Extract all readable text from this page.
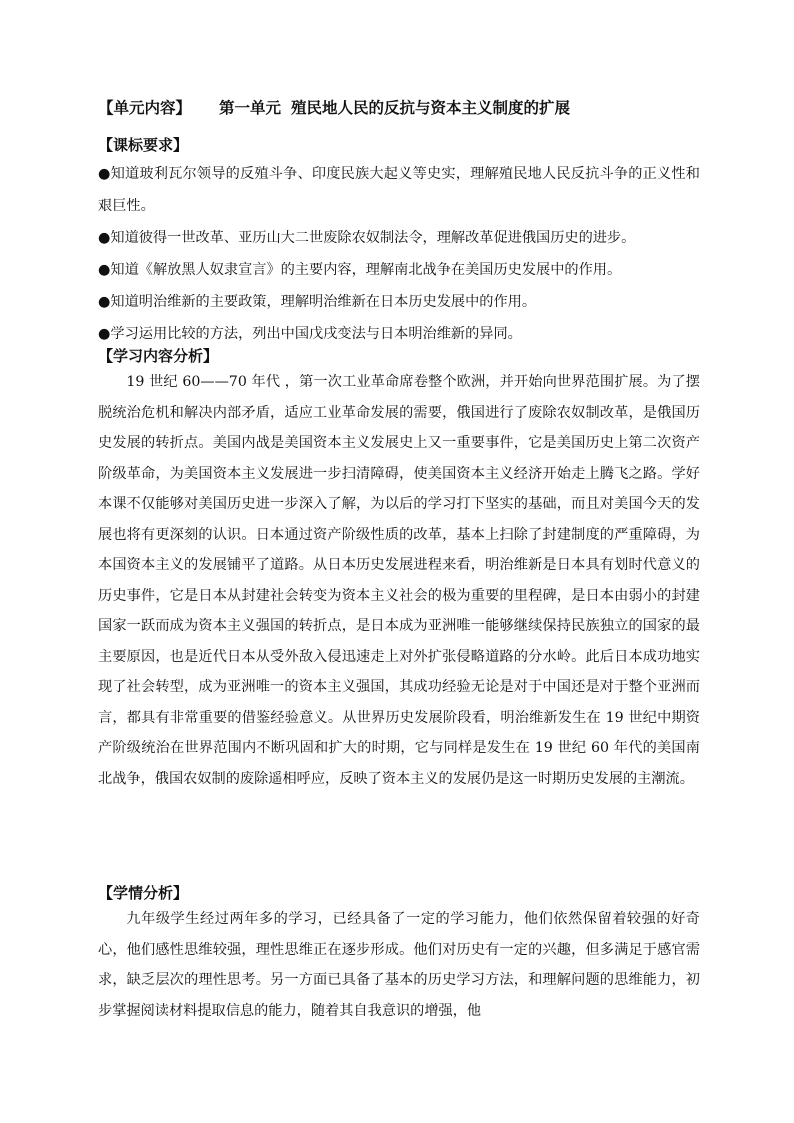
【单元内容】 第一单元 殖民地人民的反抗与资本主义制度的扩展
【课标要求】
●知道玻利瓦尔领导的反殖斗争、印度民族大起义等史实，理解殖民地人民反抗斗争的正义性和艰巨性。
●知道彼得一世改革、亚历山大二世废除农奴制法令，理解改革促进俄国历史的进步。
●知道《解放黑人奴隶宣言》的主要内容，理解南北战争在美国历史发展中的作用。
●知道明治维新的主要政策，理解明治维新在日本历史发展中的作用。
●学习运用比较的方法，列出中国戊戌变法与日本明治维新的异同。
【学习内容分析】
19 世纪 60——70 年代 ，第一次工业革命席卷整个欧洲，并开始向世界范围扩展。为了摆脱统治危机和解决内部矛盾，适应工业革命发展的需要，俄国进行了废除农奴制改革，是俄国历史发展的转折点。美国内战是美国资本主义发展史上又一重要事件，它是美国历史上第二次资产阶级革命，为美国资本主义发展进一步扫清障碍，使美国资本主义经济开始走上腾飞之路。学好本课不仅能够对美国历史进一步深入了解，为以后的学习打下坚实的基础，而且对美国今天的发展也将有更深刻的认识。日本通过资产阶级性质的改革，基本上扫除了封建制度的严重障碍，为本国资本主义的发展铺平了道路。从日本历史发展进程来看，明治维新是日本具有划时代意义的历史事件，它是日本从封建社会转变为资本主义社会的极为重要的里程碑，是日本由弱小的封建国家一跃而成为资本主义强国的转折点，是日本成为亚洲唯一能够继续保持民族独立的国家的最主要原因，也是近代日本从受外敌入侵迅速走上对外扩张侵略道路的分水岭。此后日本成功地实现了社会转型，成为亚洲唯一的资本主义强国，其成功经验无论是对于中国还是对于整个亚洲而言，都具有非常重要的借鉴经验意义。从世界历史发展阶段看，明治维新发生在 19 世纪中期资产阶级统治在世界范围内不断巩固和扩大的时期，它与同样是发生在 19 世纪 60 年代的美国南北战争，俄国农奴制的废除遥相呼应，反映了资本主义的发展仍是这一时期历史发展的主潮流。
【学情分析】
九年级学生经过两年多的学习，已经具备了一定的学习能力，他们依然保留着较强的好奇心，他们感性思维较强，理性思维正在逐步形成。他们对历史有一定的兴趣，但多满足于感官需求，缺乏层次的理性思考。另一方面已具备了基本的历史学习方法，和理解问题的思维能力，初步掌握阅读材料提取信息的能力，随着其自我意识的增强，他
